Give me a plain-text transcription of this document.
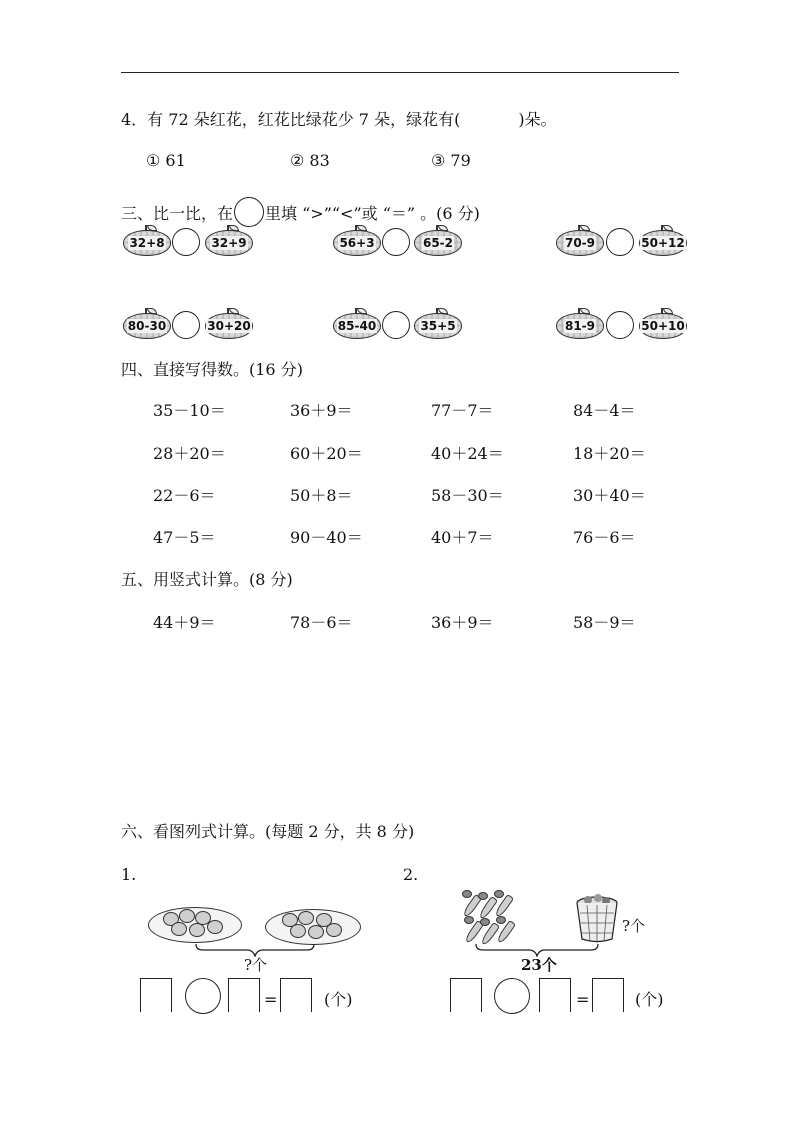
4．有 72 朵红花，红花比绿花少 7 朵，绿花有(	)朵。
① 61	② 83	③ 79
三、比一比，在 里填 “>”“<”或 “＝” 。(6 分)
32+8	32+9	56+3	65-2	70-9	50+12
80-30	30+20	85-40	35+5	81-9	50+10
四、直接写得数。(16 分)
35－10＝	36＋9＝	77－7＝	84－4＝
28＋20＝	60＋20＝	40＋24＝	18＋20＝
22－6＝	50＋8＝	58－30＝	30＋40＝
47－5＝	90－40＝	40＋7＝	76－6＝
五、用竖式计算。(8 分)
44＋9＝	78－6＝	36＋9＝	58－9＝
六、看图列式计算。(每题 2 分，共 8 分)
1.
?个
=	(个)
2.
?个
23个
=	(个)
